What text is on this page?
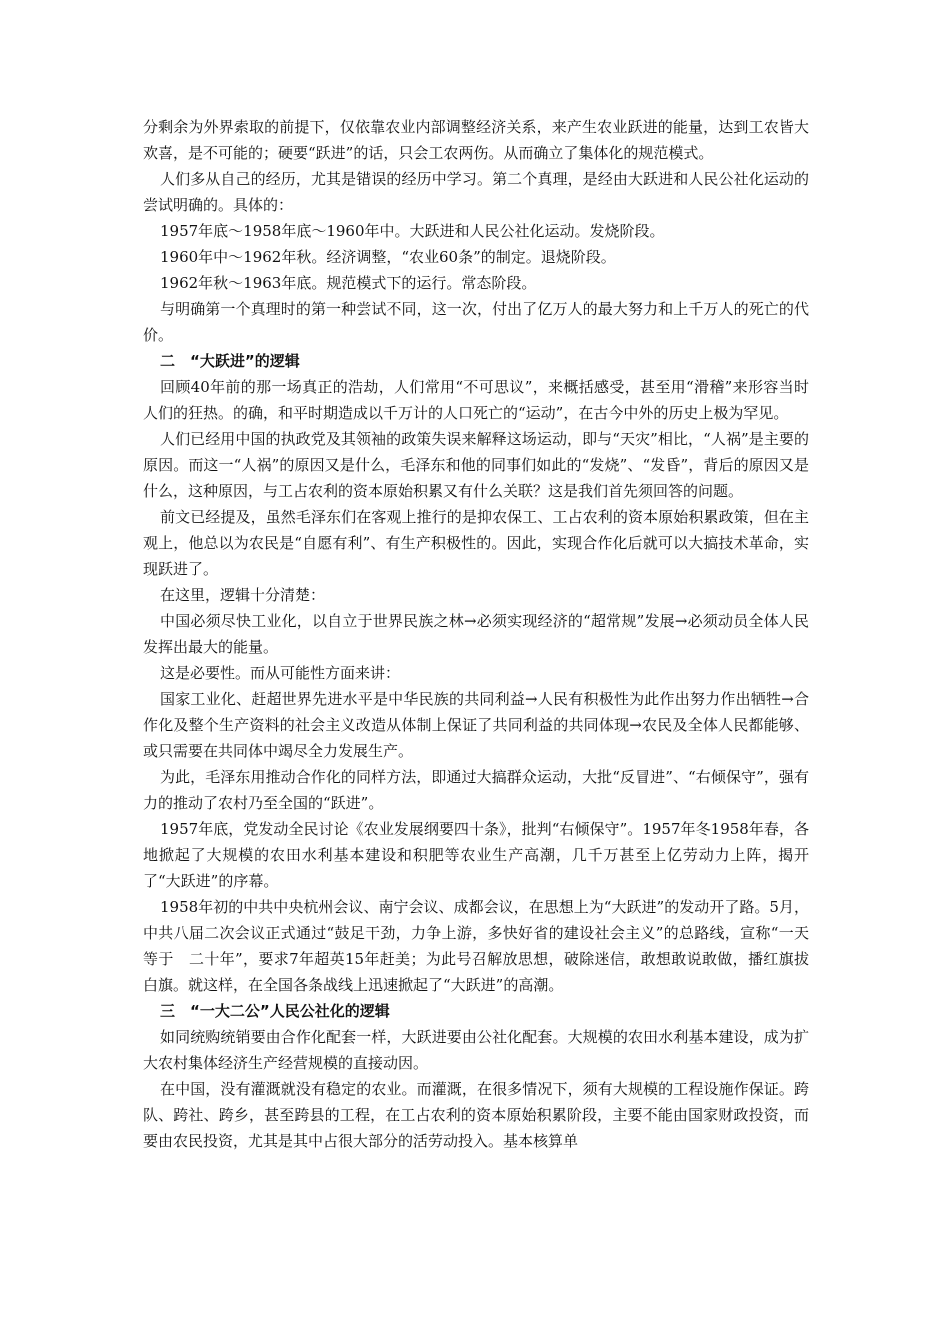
分剩余为外界索取的前提下，仅依靠农业内部调整经济关系，来产生农业跃进的能量，达到工农皆大欢喜，是不可能的；硬要“跃进”的话，只会工农两伤。从而确立了集体化的规范模式。

人们多从自己的经历，尤其是错误的经历中学习。第二个真理，是经由大跃进和人民公社化运动的尝试明确的。具体的：

1957年底～1958年底～1960年中。大跃进和人民公社化运动。发烧阶段。

1960年中～1962年秋。经济调整，“农业60条”的制定。退烧阶段。

1962年秋～1963年底。规范模式下的运行。常态阶段。

与明确第一个真理时的第一种尝试不同，这一次，付出了亿万人的最大努力和上千万人的死亡的代价。

二　“大跃进”的逻辑

回顾40年前的那一场真正的浩劫，人们常用“不可思议”，来概括感受，甚至用“滑稽”来形容当时人们的狂热。的确，和平时期造成以千万计的人口死亡的“运动”，在古今中外的历史上极为罕见。

人们已经用中国的执政党及其领袖的政策失误来解释这场运动，即与“天灾”相比，“人祸”是主要的原因。而这一“人祸”的原因又是什么，毛泽东和他的同事们如此的“发烧”、“发昏”，背后的原因又是什么，这种原因，与工占农利的资本原始积累又有什么关联？这是我们首先须回答的问题。

前文已经提及，虽然毛泽东们在客观上推行的是抑农保工、工占农利的资本原始积累政策，但在主观上，他总以为农民是“自愿有利”、有生产积极性的。因此，实现合作化后就可以大搞技术革命，实现跃进了。

在这里，逻辑十分清楚：

中国必须尽快工业化，以自立于世界民族之林→必须实现经济的“超常规”发展→必须动员全体人民发挥出最大的能量。

这是必要性。而从可能性方面来讲：

国家工业化、赶超世界先进水平是中华民族的共同利益→人民有积极性为此作出努力作出牺牲→合作化及整个生产资料的社会主义改造从体制上保证了共同利益的共同体现→农民及全体人民都能够、或只需要在共同体中竭尽全力发展生产。

为此，毛泽东用推动合作化的同样方法，即通过大搞群众运动，大批“反冒进”、“右倾保守”，强有力的推动了农村乃至全国的“跃进”。

1957年底，党发动全民讨论《农业发展纲要四十条》，批判“右倾保守”。1957年冬1958年春，各地掀起了大规模的农田水利基本建设和积肥等农业生产高潮，几千万甚至上亿劳动力上阵，揭开了“大跃进”的序幕。

1958年初的中共中央杭州会议、南宁会议、成都会议，在思想上为“大跃进”的发动开了路。5月，中共八届二次会议正式通过“鼓足干劲，力争上游，多快好省的建设社会主义”的总路线，宣称“一天等于　二十年”，要求7年超英15年赶美；为此号召解放思想，破除迷信，敢想敢说敢做，播红旗拔白旗。就这样，在全国各条战线上迅速掀起了“大跃进”的高潮。

三　“一大二公”人民公社化的逻辑

如同统购统销要由合作化配套一样，大跃进要由公社化配套。大规模的农田水利基本建设，成为扩大农村集体经济生产经营规模的直接动因。

在中国，没有灌溉就没有稳定的农业。而灌溉，在很多情况下，须有大规模的工程设施作保证。跨队、跨社、跨乡，甚至跨县的工程，在工占农利的资本原始积累阶段，主要不能由国家财政投资，而要由农民投资，尤其是其中占很大部分的活劳动投入。基本核算单
